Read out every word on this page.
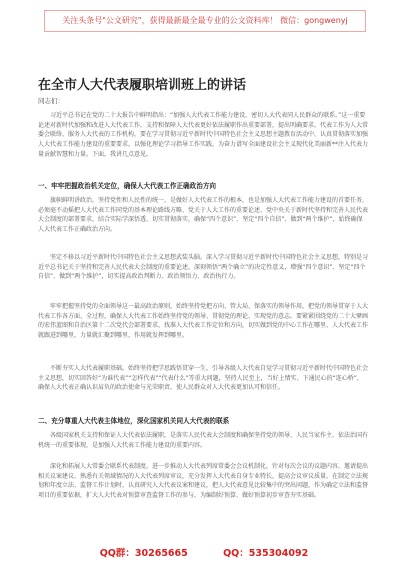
关注头条号"公文研究"，获得最新最全最专业的公文资料库！ 微信：gongwenyj
在全市人大代表履职培训班上的讲话
同志们：

习近平总书记在党的二十大报告中鲜明指出：“加强人大代表工作能力建设，密切人大代表同人民群众的联系。”这一重要论述对新时代加强和改进人大代表工作，支持和保障人大代表更好依法履职作出重要部署，提出明确要求。代表工作为人大常委会联络、服务人大代表的工作机构，要在学习贯彻习近平新时代中国特色社会主义思想主题教育活动中，认真贯彻落实加强人大代表工作能力建设的重要要求，以强化理论学习指导工作实践，为奋力谱写全面建设社会主义现代化美丽新**注入代表力量贡献智慧和力量。下面，我讲几点意见。

一、牢牢把握政治机关定位，确保人大代表工作正确政治方向

旗帜鲜明讲政治，坚持党性和人民性的统一，是做好人大代表工作的根本，也是加强人大代表工作能力建设的首要任务，必须毫不动摇把人大代表工作同党的基本理论路线方略、党关于人大工作的重要论述、党中央关于新时代坚持和完善人民代表大会制度的部署要求，结合实际学深悟透、切实贯彻落实，确保“四个意识”、坚定“四个自信”、做到“两个维护”，始终确保人大代表工作正确政治方向。

坚定不移以习近平新时代中国特色社会主义思想武装头脑。深入学习贯彻习近平新时代中国特色社会主义思想，特别是习近平总书记关于坚持和完善人民代表大会制度的重要论述，深刻领悟“两个确立”的决定性意义，增强“四个意识”、坚定“四个自信”、做到“两个维护”，切实提高政治判断力、政治领悟力、政治执行力。

牢牢把握坚持党的全面领导这一最高政治原则，始终坚持党把方向、管大局、保落实的领导作用，把党的领导贯穿于人大代表工作各方面、全过程，确保人大代表工作始终坚持党的领导、贯彻党的理论、实现党的意志。要紧紧围绕党的二十大擘画的宏伟蓝图和自治区第十二次党代会部署要求，找准人大代表工作定位和方向，切实做到党的中心工作在哪里、人大代表工作就跟进到哪里，力量就汇聚到哪里，作用就发挥到哪里。

不断夯实人大代表履职基础。始终坚持把学思践悟贯穿一生，引导各级人大代表自觉学习贯彻习近平新时代中国特色社会主义思想，切实回答好“为谁代表”“怎样代表”“代表什么”等重大问题，坚持人民至上，当好上情实、下通民心的“连心桥”，确保人大代表正确认识肩负的政治使命与光荣职责，使人民群众对人大代表更加认可和信任。

二、充分尊重人大代表主体地位，深化国家机关同人大代表的联系

各级国家机关支持和保证人大代表依法履职，是落实人民代表大会制度和确保坚持党的领导、人民当家作主、依法治国有机统一的重要体现，是加强人大代表工作能力建设的重要内容。

深化和拓展人大常委会联系代表制度。进一步推动人大代表列席常委会会议机制化，针对每次会议的议题内容，邀请提出相关议案建议、熟悉有关领域情况的人大代表列席审议，充分发挥人大代表自身专业特长，提高会议审议质量。在制定立法规划和年度立法、监督工作计划时，认真研究人大代表议案和建议，把人大代表意见比较集中的突出问题，作为确定立法和监督项目的重要依据，扩大人大代表对预算审查监督工作的参与，为编制好预算、做好预算初步审查夯实基础。

QQ群：30265665	QQ：535304092
